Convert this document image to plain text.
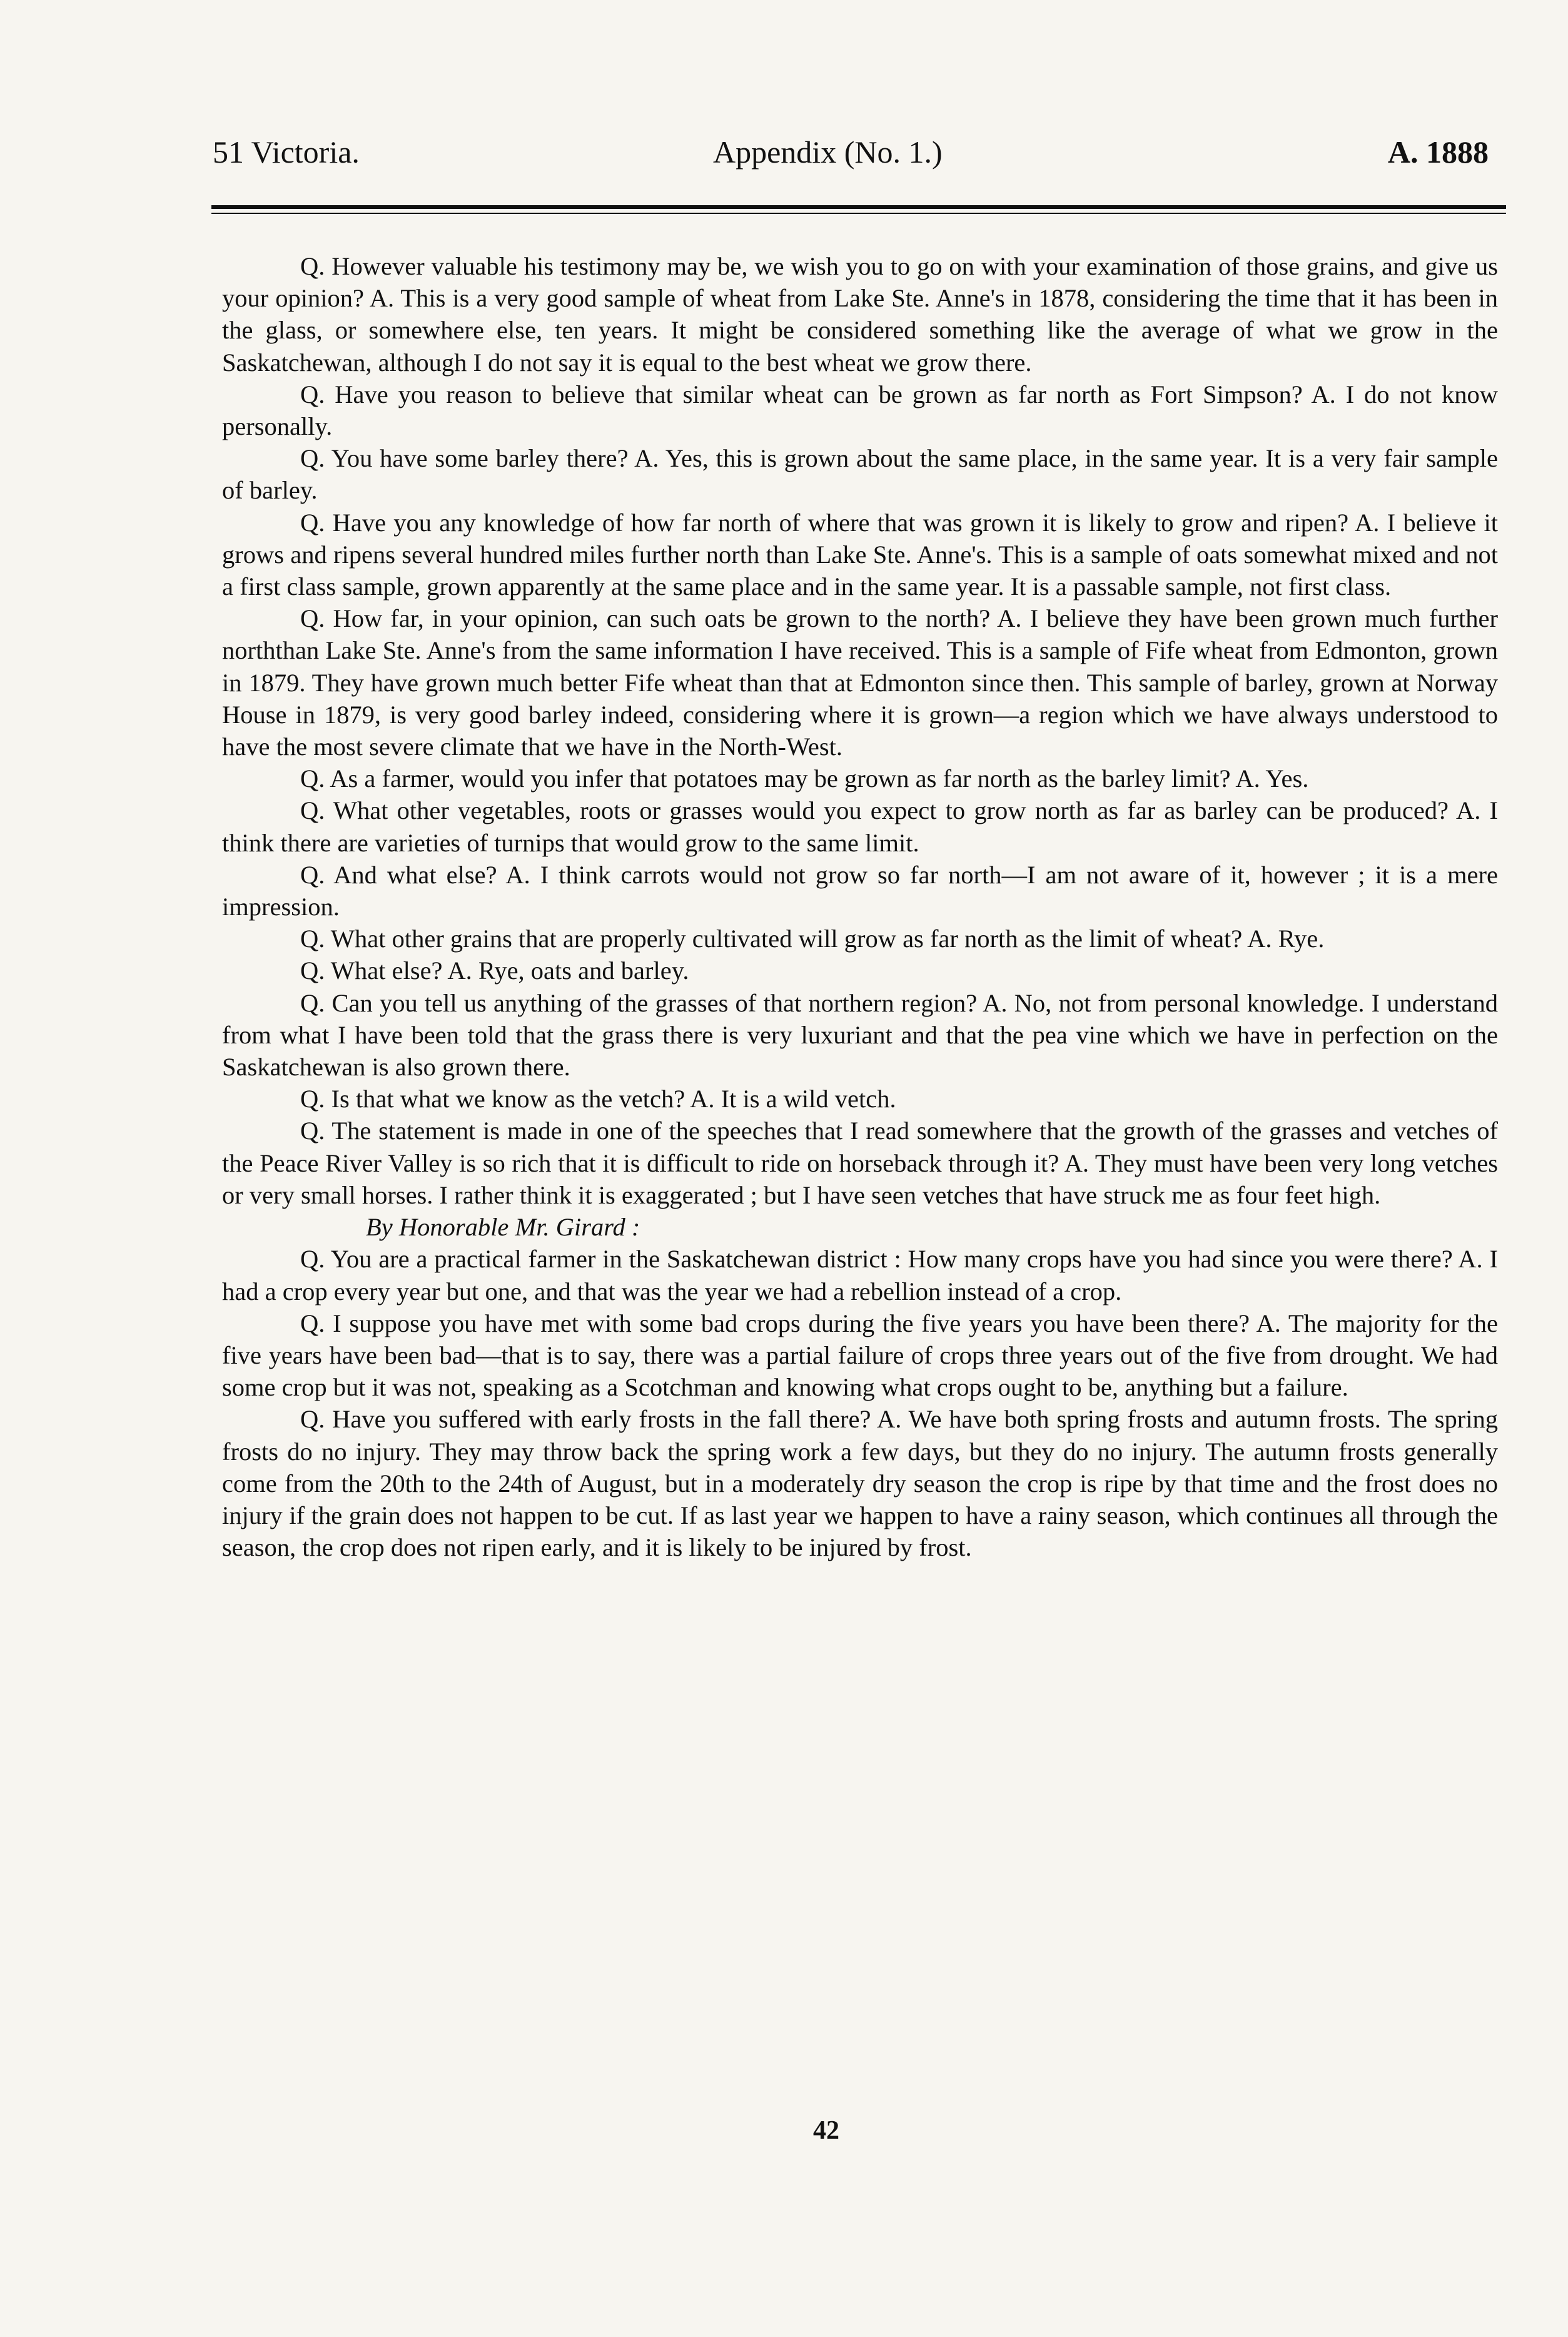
51 Victoria.	Appendix (No. 1.)	A. 1888

Q. However valuable his testimony may be, we wish you to go on with your examination of those grains, and give us your opinion? A. This is a very good sample of wheat from Lake Ste. Anne's in 1878, considering the time that it has been in the glass, or somewhere else, ten years. It might be considered something like the average of what we grow in the Saskatchewan, although I do not say it is equal to the best wheat we grow there.

Q. Have you reason to believe that similar wheat can be grown as far north as Fort Simpson? A. I do not know personally.

Q. You have some barley there? A. Yes, this is grown about the same place, in the same year. It is a very fair sample of barley.

Q. Have you any knowledge of how far north of where that was grown it is likely to grow and ripen? A. I believe it grows and ripens several hundred miles further north than Lake Ste. Anne's. This is a sample of oats somewhat mixed and not a first class sample, grown apparently at the same place and in the same year. It is a passable sample, not first class.

Q. How far, in your opinion, can such oats be grown to the north? A. I believe they have been grown much further norththan Lake Ste. Anne's from the same information I have received. This is a sample of Fife wheat from Edmonton, grown in 1879. They have grown much better Fife wheat than that at Edmonton since then. This sample of barley, grown at Norway House in 1879, is very good barley indeed, considering where it is grown—a region which we have always understood to have the most severe climate that we have in the North-West.

Q. As a farmer, would you infer that potatoes may be grown as far north as the barley limit? A. Yes.

Q. What other vegetables, roots or grasses would you expect to grow north as far as barley can be produced? A. I think there are varieties of turnips that would grow to the same limit.

Q. And what else? A. I think carrots would not grow so far north—I am not aware of it, however ; it is a mere impression.

Q. What other grains that are properly cultivated will grow as far north as the limit of wheat? A. Rye.

Q. What else? A. Rye, oats and barley.

Q. Can you tell us anything of the grasses of that northern region? A. No, not from personal knowledge. I understand from what I have been told that the grass there is very luxuriant and that the pea vine which we have in perfection on the Saskatchewan is also grown there.

Q. Is that what we know as the vetch? A. It is a wild vetch.

Q. The statement is made in one of the speeches that I read somewhere that the growth of the grasses and vetches of the Peace River Valley is so rich that it is difficult to ride on horseback through it? A. They must have been very long vetches or very small horses. I rather think it is exaggerated ; but I have seen vetches that have struck me as four feet high.

By Honorable Mr. Girard :

Q. You are a practical farmer in the Saskatchewan district : How many crops have you had since you were there? A. I had a crop every year but one, and that was the year we had a rebellion instead of a crop.

Q. I suppose you have met with some bad crops during the five years you have been there? A. The majority for the five years have been bad—that is to say, there was a partial failure of crops three years out of the five from drought. We had some crop but it was not, speaking as a Scotchman and knowing what crops ought to be, anything but a failure.

Q. Have you suffered with early frosts in the fall there? A. We have both spring frosts and autumn frosts. The spring frosts do no injury. They may throw back the spring work a few days, but they do no injury. The autumn frosts generally come from the 20th to the 24th of August, but in a moderately dry season the crop is ripe by that time and the frost does no injury if the grain does not happen to be cut. If as last year we happen to have a rainy season, which continues all through the season, the crop does not ripen early, and it is likely to be injured by frost.

42
